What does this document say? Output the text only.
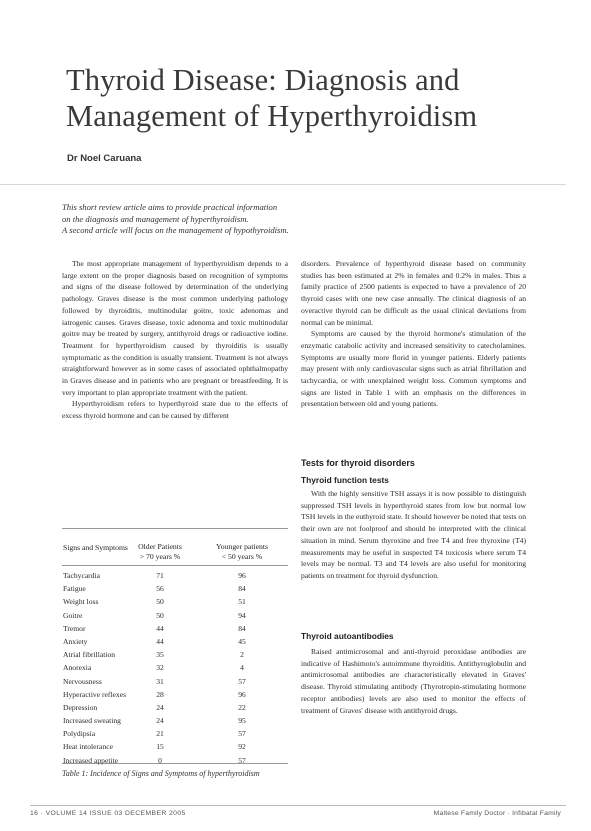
Thyroid Disease: Diagnosis and
Management of Hyperthyroidism
Dr Noel Caruana
This short review article aims to provide practical information
on the diagnosis and management of hyperthyroidism.
A second article will focus on the management of hypothyroidism.

The most appropriate management of hyperthyroidism depends to a large extent on the proper diagnosis based on recognition of symptoms and signs of the disease followed by determination of the underlying pathology. Graves disease is the most common underlying pathology followed by thyroiditis, multinodular goitre, toxic adenomas and iatrogenic causes. Graves disease, toxic adenoma and toxic multinodular goitre may be treated by surgery, antithyroid drugs or radioactive iodine. Treatment for hyperthyroidism caused by thyroiditis is usually symptomatic as the condition is usually transient. Treatment is not always straightforward however as in some cases of associated ophthalmopathy in Graves disease and in patients who are pregnant or breastfeeding. It is very important to plan appropriate treatment with the patient.

Hyperthyroidism refers to hyperthyroid state due to the effects of excess thyroid hormone and can be caused by different

disorders. Prevalence of hyperthyroid disease based on community studies has been estimated at 2% in females and 0.2% in males. Thus a family practice of 2500 patients is expected to have a prevalence of 20 thyroid cases with one new case annually. The clinical diagnosis of an overactive thyroid can be difficult as the usual clinical deviations from normal can be minimal.

Symptoms are caused by the thyroid hormone's stimulation of the enzymatic catabolic activity and increased sensitivity to catecholamines. Symptoms are usually more florid in younger patients. Elderly patients may present with only cardiovascular signs such as atrial fibrillation and tachycardia, or with unexplained weight loss. Common symptoms and signs are listed in Table 1 with an emphasis on the differences in presentation between old and young patients.

Tests for thyroid disorders
Thyroid function tests

With the highly sensitive TSH assays it is now possible to distinguish suppressed TSH levels in hyperthyroid states from low but normal low TSH levels in the euthyroid state. It should however be noted that tests on their own are not foolproof and should be interpreted with the clinical situation in mind. Serum thyroxine and free T4 and free thyroxine (T4) measurements may be useful in suspected T4 toxicosis where serum T4 levels may be normal. T3 and T4 levels are also useful for monitoring patients on treatment for thyroid dysfunction.

Thyroid autoantibodies

Raised antimicrosomal and anti-thyroid peroxidase antibodies are indicative of Hashimoto's autoimmune thyroiditis. Antithyroglobulin and antimicrosomal antibodies are characteristically elevated in Graves' disease. Thyroid stimulating antibody (Thyrotropin-stimulating hormone receptor antibodies) levels are also used to monitor the effects of treatment of Graves' disease with antithyroid drugs.

Signs and Symptoms	Older Patients
> 70 years %
Younger patients
< 50 years %
Tachycardia	71	96
Fatigue	56	84
Weight loss	50	51
Goitre	50	94
Tremor	44	84
Anxiety	44	45
Atrial fibrillation	35	2
Anorexia	32	4
Nervousness	31	57
Hyperactive reflexes	28	96
Depression	24	22
Increased sweating	24	95
Polydipsia	21	57
Heat intolerance	15	92
Increased appetite	0	57
Table 1: Incidence of Signs and Symptoms of hyperthyroidism
16 · VOLUME 14 ISSUE 03 DECEMBER 2005	Maltese Family Doctor · Infibatal Family
